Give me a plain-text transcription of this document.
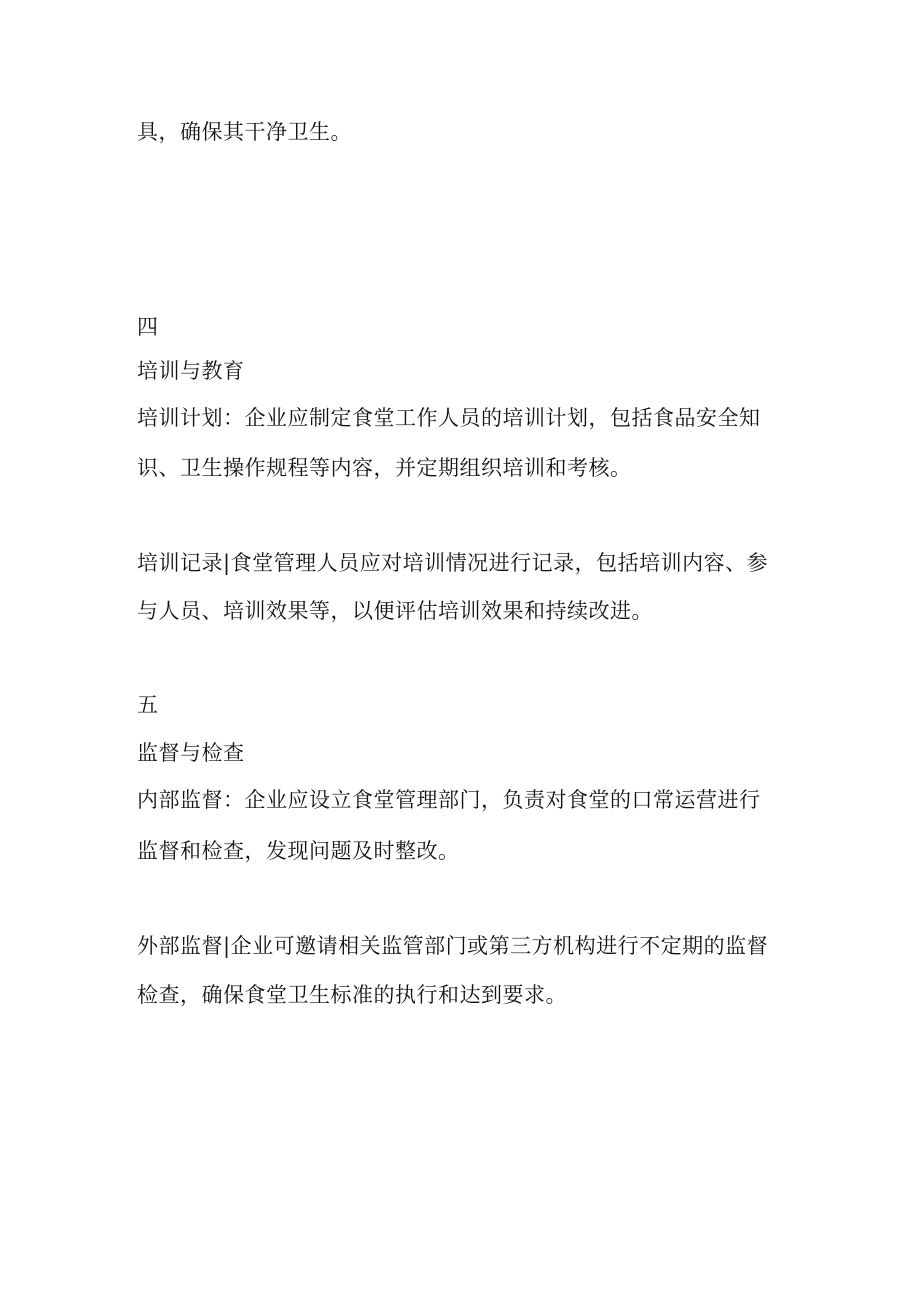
具，确保其干净卫生。
四
培训与教育
培训计划：企业应制定食堂工作人员的培训计划，包括食品安全知
识、卫生操作规程等内容，并定期组织培训和考核。
培训记录|食堂管理人员应对培训情况进行记录，包括培训内容、参
与人员、培训效果等，以便评估培训效果和持续改进。
五
监督与检查
内部监督：企业应设立食堂管理部门，负责对食堂的口常运营进行
监督和检查，发现问题及时整改。
外部监督|企业可邀请相关监管部门或第三方机构进行不定期的监督
检查，确保食堂卫生标准的执行和达到要求。
